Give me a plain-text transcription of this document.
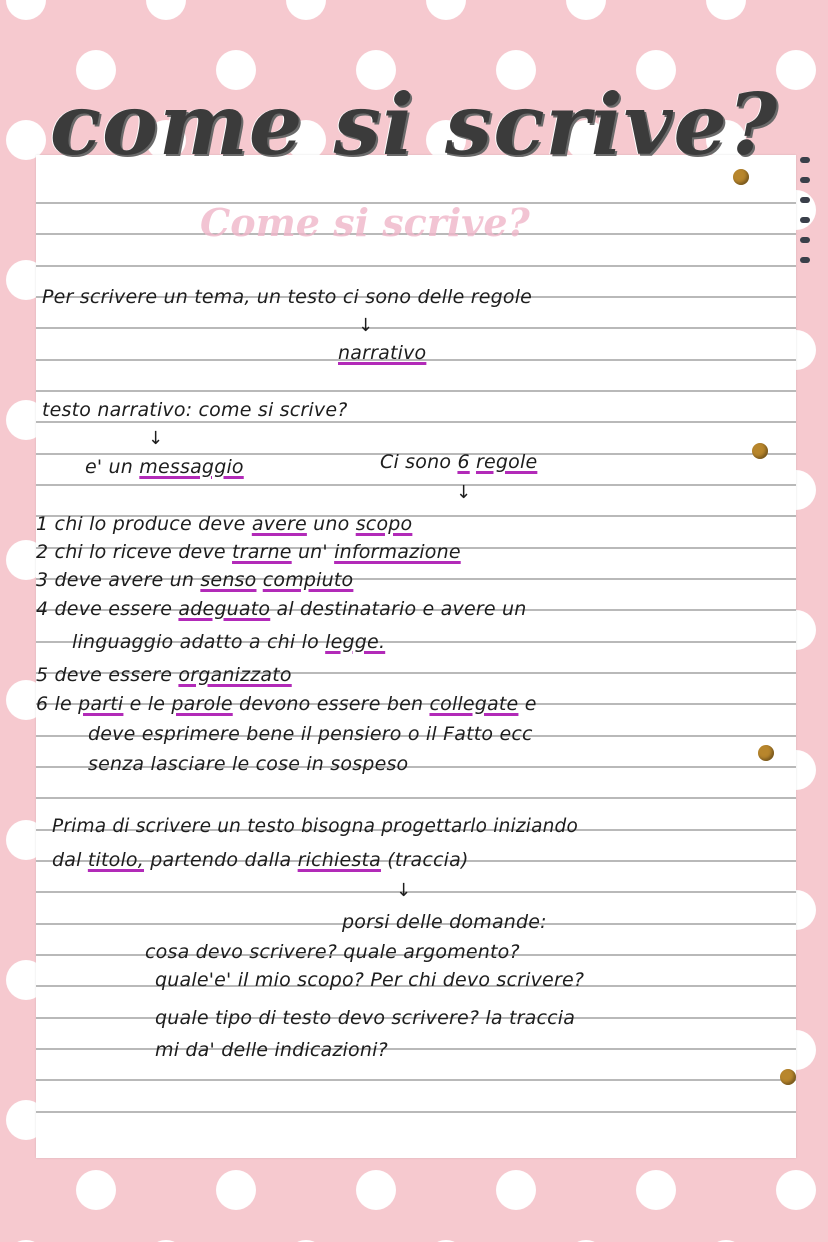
come si scrive?
Come si scrive?

Per scrivere un tema, un testo ci sono delle regole

↓

narrativo

testo narrativo: come si scrive?

↓

e' un messaggio	Ci sono 6 regole

↓

1 chi lo produce deve avere uno scopo

2 chi lo riceve deve trarne un' informazione

3 deve avere un senso compiuto

4 deve essere adeguato al destinatario e avere un

linguaggio adatto a chi lo legge.

5 deve essere organizzato

6 le parti e le parole devono essere ben collegate e

deve esprimere bene il pensiero o il Fatto ecc

senza lasciare le cose in sospeso

Prima di scrivere un testo bisogna progettarlo iniziando

dal titolo, partendo dalla richiesta (traccia)

↓

porsi delle domande:

cosa devo scrivere? quale argomento?

quale'e' il mio scopo? Per chi devo scrivere?

quale tipo di testo devo scrivere? la traccia

mi da' delle indicazioni?
